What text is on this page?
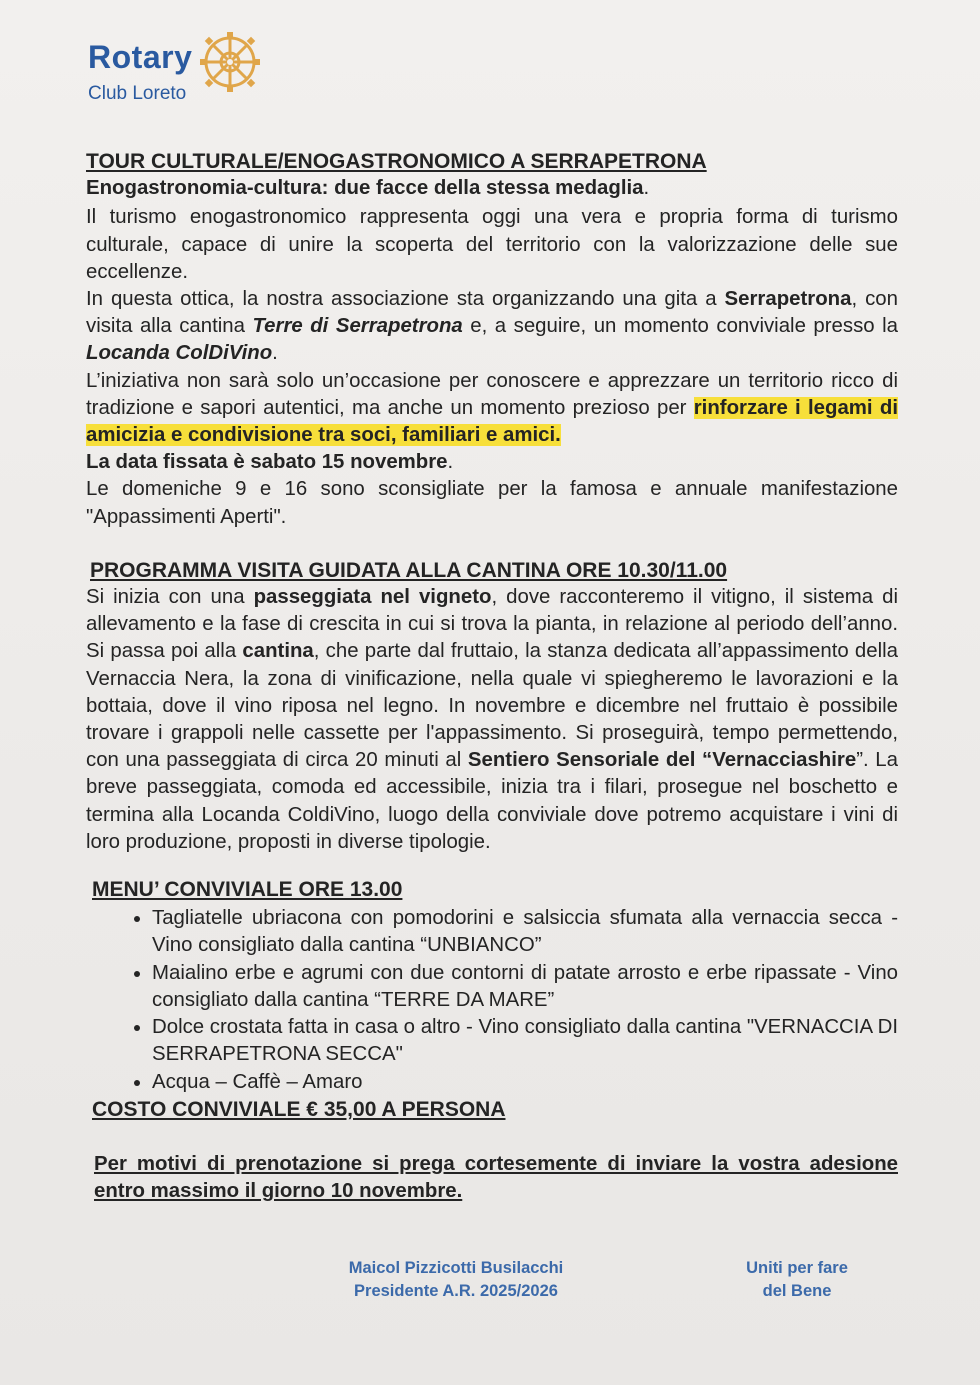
Rotary
Club Loreto
TOUR CULTURALE/ENOGASTRONOMICO A SERRAPETRONA
Enogastronomia-cultura: due facce della stessa medaglia.

Il turismo enogastronomico rappresenta oggi una vera e propria forma di turismo culturale, capace di unire la scoperta del territorio con la valorizzazione delle sue eccellenze.

In questa ottica, la nostra associazione sta organizzando una gita a Serrapetrona, con visita alla cantina Terre di Serrapetrona e, a seguire, un momento conviviale presso la Locanda ColDiVino.

L’iniziativa non sarà solo un’occasione per conoscere e apprezzare un territorio ricco di tradizione e sapori autentici, ma anche un momento prezioso per rinforzare i legami di amicizia e condivisione tra soci, familiari e amici.

La data fissata è sabato 15 novembre.

Le domeniche 9 e 16 sono sconsigliate per la famosa e annuale manifestazione "Appassimenti Aperti".

PROGRAMMA VISITA GUIDATA ALLA CANTINA ORE 10.30/11.00

Si inizia con una passeggiata nel vigneto, dove racconteremo il vitigno, il sistema di allevamento e la fase di crescita in cui si trova la pianta, in relazione al periodo dell’anno. Si passa poi alla cantina, che parte dal fruttaio, la stanza dedicata all’appassimento della Vernaccia Nera, la zona di vinificazione, nella quale vi spiegheremo le lavorazioni e la bottaia, dove il vino riposa nel legno. In novembre e dicembre nel fruttaio è possibile trovare i grappoli nelle cassette per l'appassimento. Si proseguirà, tempo permettendo, con una passeggiata di circa 20 minuti al Sentiero Sensoriale del “Vernacciashire”. La breve passeggiata, comoda ed accessibile, inizia tra i filari, prosegue nel boschetto e termina alla Locanda ColdiVino, luogo della conviviale dove potremo acquistare i vini di loro produzione, proposti in diverse tipologie.

MENU’ CONVIVIALE ORE 13.00
• Tagliatelle ubriacona con pomodorini e salsiccia sfumata alla vernaccia secca - Vino consigliato dalla cantina “UNBIANCO”
• Maialino erbe e agrumi con due contorni di patate arrosto e erbe ripassate - Vino consigliato dalla cantina “TERRE DA MARE”
• Dolce crostata fatta in casa o altro - Vino consigliato dalla cantina "VERNACCIA DI SERRAPETRONA SECCA"
• Acqua – Caffè – Amaro
COSTO CONVIVIALE € 35,00 A PERSONA

Per motivi di prenotazione si prega cortesemente di inviare la vostra adesione entro massimo il giorno 10 novembre.

Maicol Pizzicotti Busilacchi
Presidente A.R. 2025/2026
Uniti per fare
del Bene
